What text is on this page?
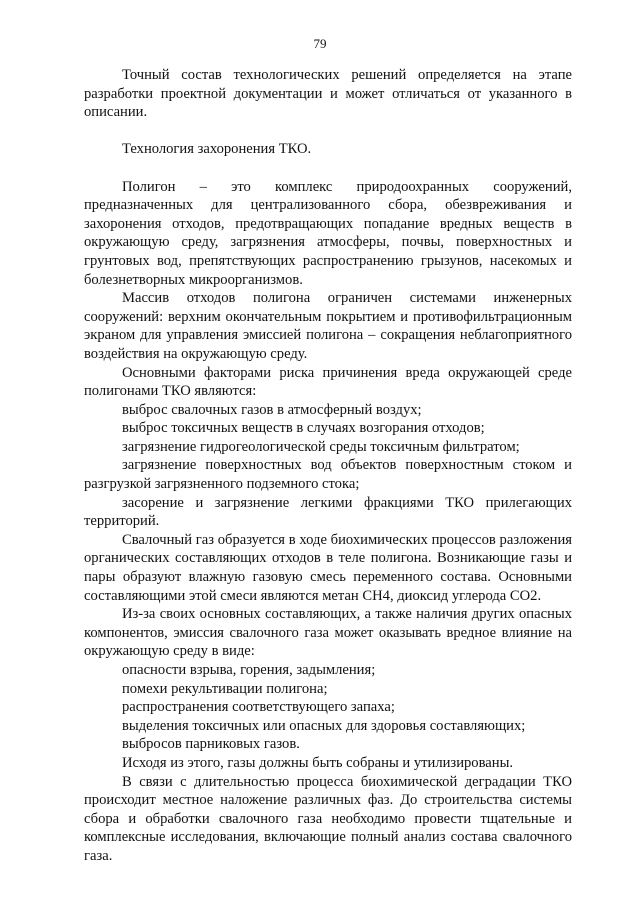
79

Точный состав технологических решений определяется на этапе разработки проектной документации и может отличаться от указанного в описании.

Технология захоронения ТКО.

Полигон – это комплекс природоохранных сооружений, предназначенных для централизованного сбора, обезвреживания и захоронения отходов, предотвращающих попадание вредных веществ в окружающую среду, загрязнения атмосферы, почвы, поверхностных и грунтовых вод, препятствующих распространению грызунов, насекомых и болезнетворных микроорганизмов.

Массив отходов полигона ограничен системами инженерных сооружений: верхним окончательным покрытием и противофильтрационным экраном для управления эмиссией полигона – сокращения неблагоприятного воздействия на окружающую среду.

Основными факторами риска причинения вреда окружающей среде полигонами ТКО являются:

выброс свалочных газов в атмосферный воздух;

выброс токсичных веществ в случаях возгорания отходов;

загрязнение гидрогеологической среды токсичным фильтратом;

загрязнение поверхностных вод объектов поверхностным стоком и разгрузкой загрязненного подземного стока;

засорение и загрязнение легкими фракциями ТКО прилегающих территорий.

Свалочный газ образуется в ходе биохимических процессов разложения органических составляющих отходов в теле полигона. Возникающие газы и пары образуют влажную газовую смесь переменного состава. Основными составляющими этой смеси являются метан СН4, диоксид углерода СО2.

Из-за своих основных составляющих, а также наличия других опасных компонентов, эмиссия свалочного газа может оказывать вредное влияние на окружающую среду в виде:

опасности взрыва, горения, задымления;

помехи рекультивации полигона;

распространения соответствующего запаха;

выделения токсичных или опасных для здоровья составляющих;

выбросов парниковых газов.

Исходя из этого, газы должны быть собраны и утилизированы.

В связи с длительностью процесса биохимической деградации ТКО происходит местное наложение различных фаз. До строительства системы сбора и обработки свалочного газа необходимо провести тщательные и комплексные исследования, включающие полный анализ состава свалочного газа.
